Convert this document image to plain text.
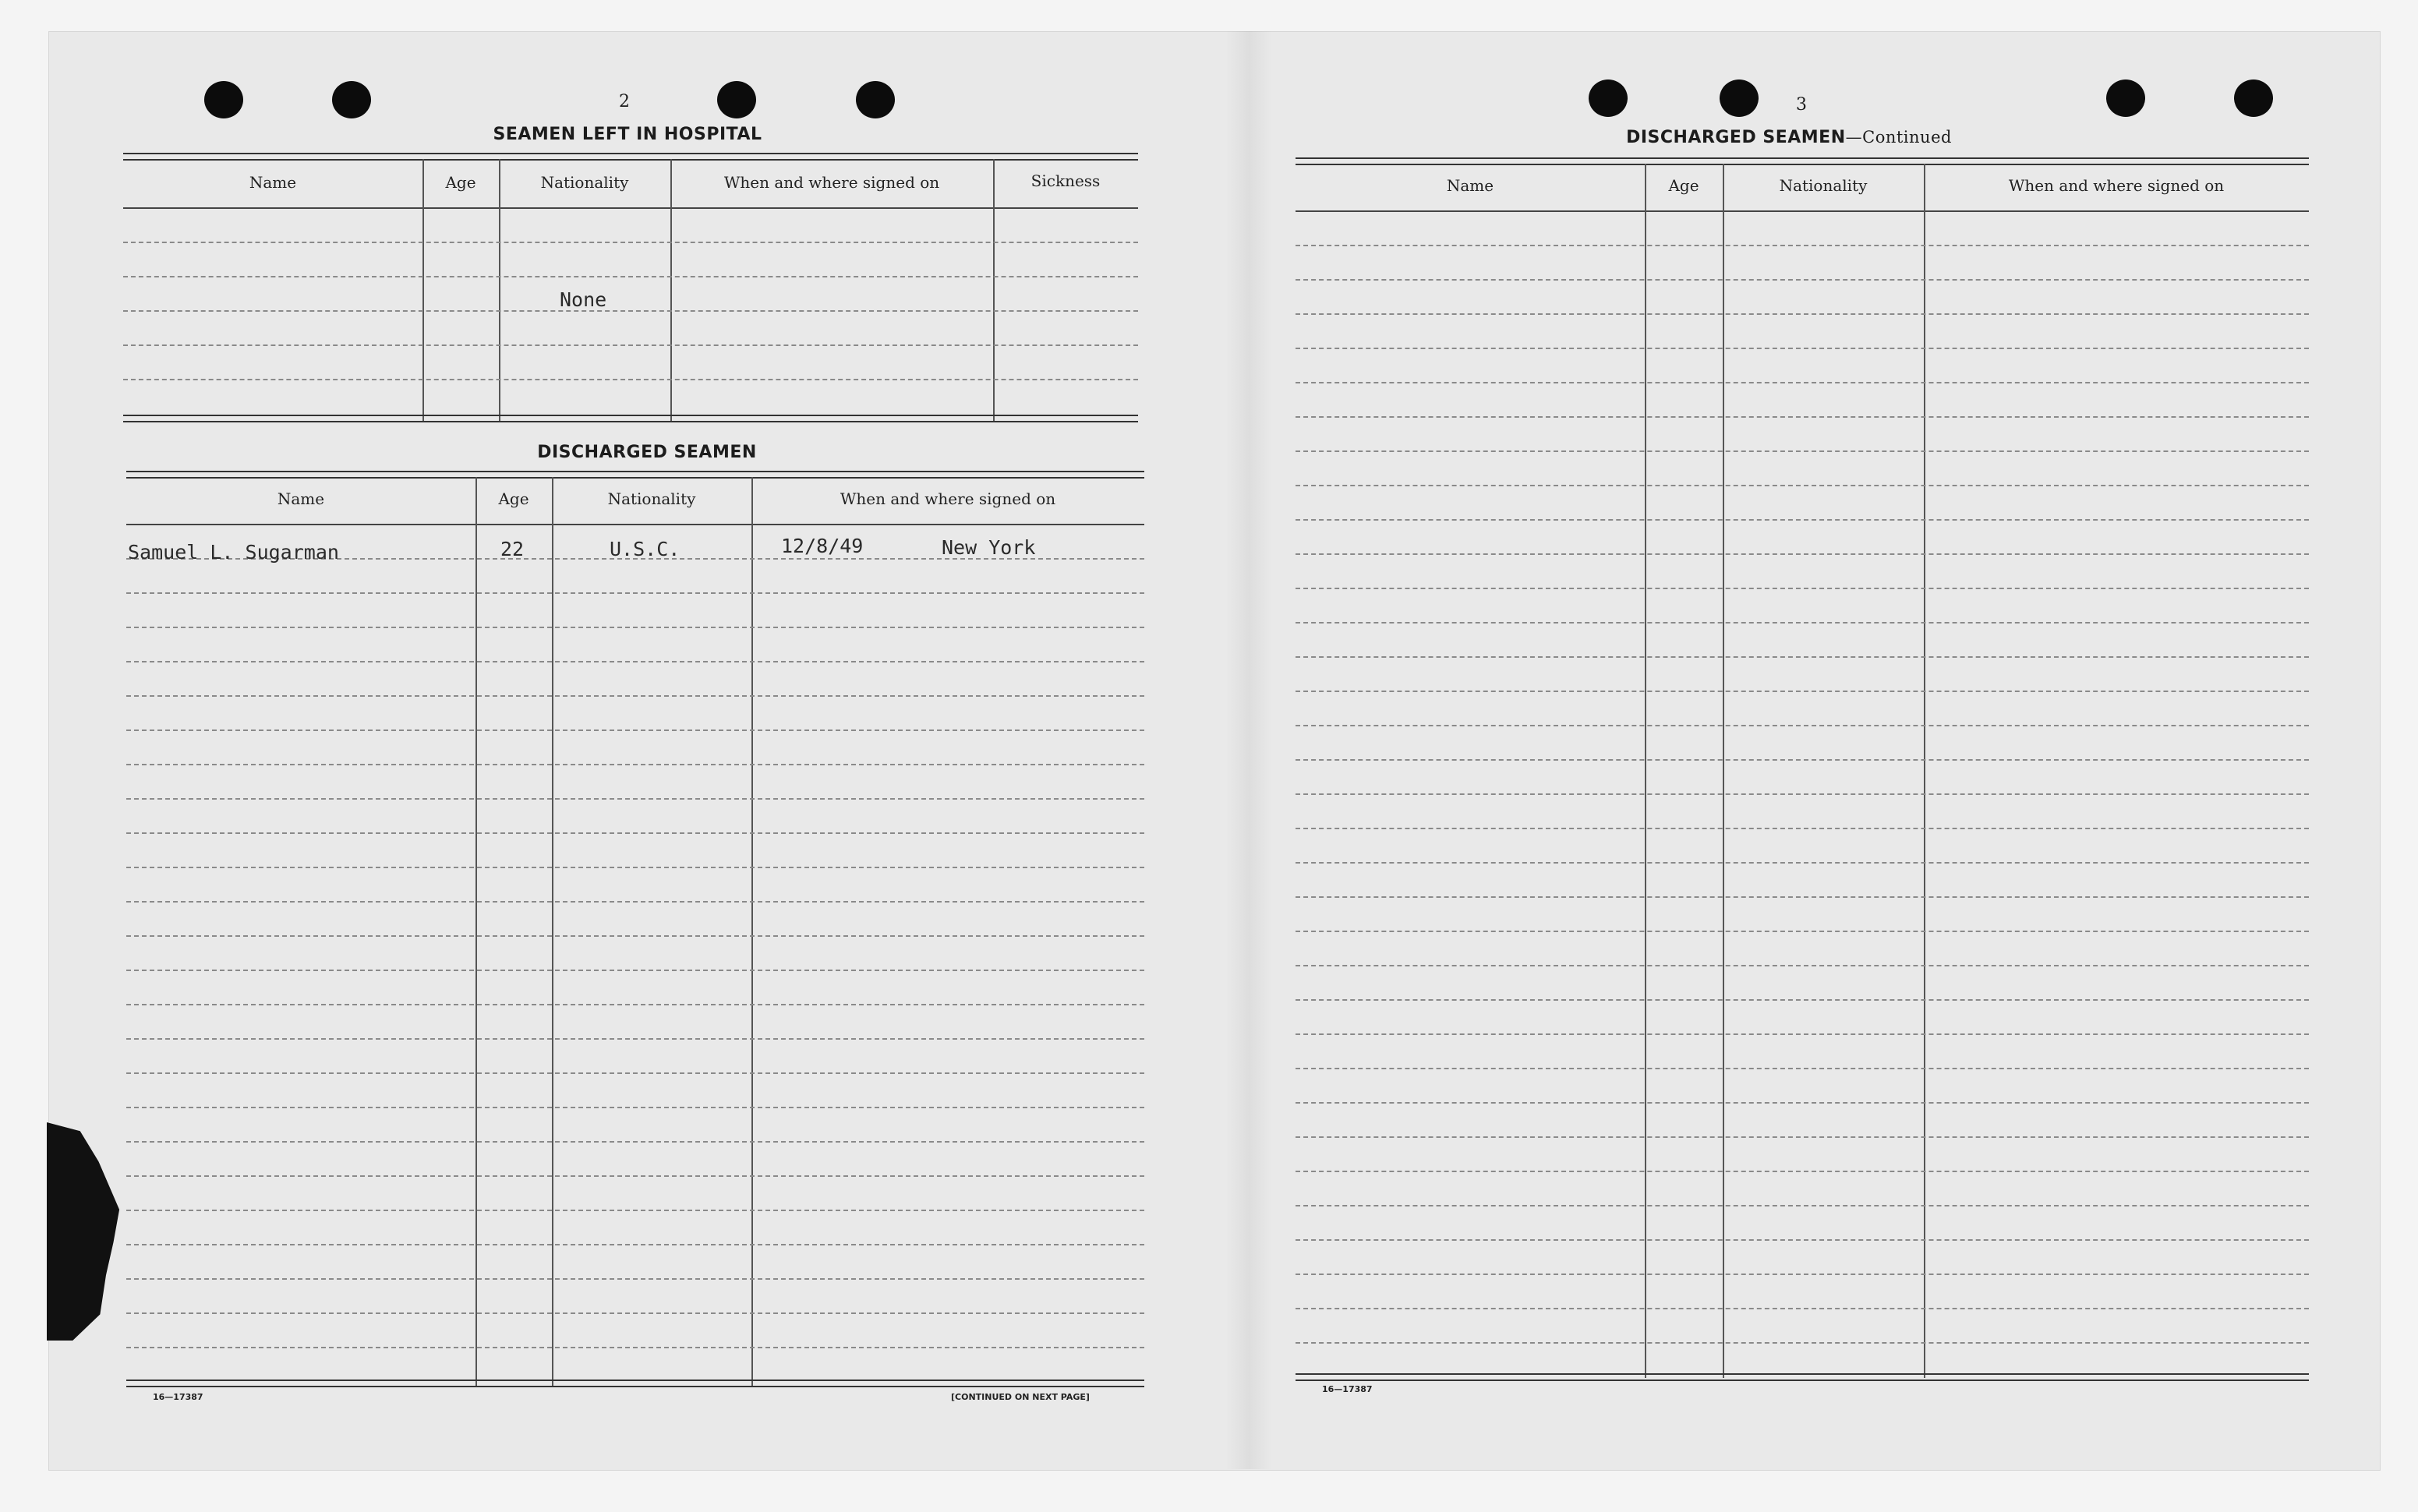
2
SEAMEN LEFT IN HOSPITAL
Name	Age	Nationality	When and where signed on	Sickness
None
DISCHARGED SEAMEN
Name	Age	Nationality	When and where signed on
Samuel L. Sugarman	22	U.S.C.	12/8/49	New York
16—17387	[CONTINUED ON NEXT PAGE]
3
DISCHARGED SEAMEN—Continued
Name	Age	Nationality	When and where signed on
16—17387
